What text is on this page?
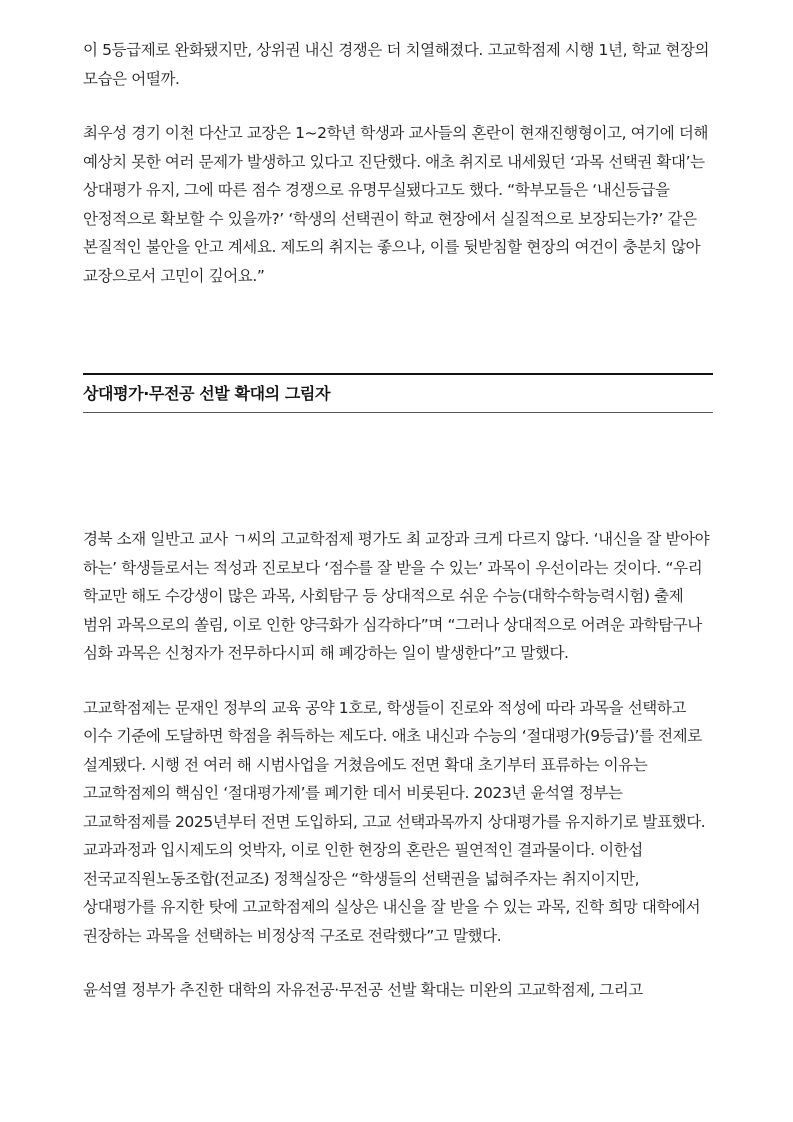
이 5등급제로 완화됐지만, 상위권 내신 경쟁은 더 치열해졌다. 고교학점제 시행 1년, 학교 현장의 모습은 어떨까.

최우성 경기 이천 다산고 교장은 1~2학년 학생과 교사들의 혼란이 현재진행형이고, 여기에 더해 예상치 못한 여러 문제가 발생하고 있다고 진단했다. 애초 취지로 내세웠던 ‘과목 선택권 확대’는 상대평가 유지, 그에 따른 점수 경쟁으로 유명무실됐다고도 했다. “학부모들은 ‘내신등급을 안정적으로 확보할 수 있을까?’ ‘학생의 선택권이 학교 현장에서 실질적으로 보장되는가?’ 같은 본질적인 불안을 안고 계세요. 제도의 취지는 좋으나, 이를 뒷받침할 현장의 여건이 충분치 않아 교장으로서 고민이 깊어요.”

상대평가·무전공 선발 확대의 그림자

경북 소재 일반고 교사 ㄱ씨의 고교학점제 평가도 최 교장과 크게 다르지 않다. ‘내신을 잘 받아야 하는’ 학생들로서는 적성과 진로보다 ‘점수를 잘 받을 수 있는’ 과목이 우선이라는 것이다. “우리 학교만 해도 수강생이 많은 과목, 사회탐구 등 상대적으로 쉬운 수능(대학수학능력시험) 출제 범위 과목으로의 쏠림, 이로 인한 양극화가 심각하다”며 “그러나 상대적으로 어려운 과학탐구나 심화 과목은 신청자가 전무하다시피 해 폐강하는 일이 발생한다”고 말했다.

고교학점제는 문재인 정부의 교육 공약 1호로, 학생들이 진로와 적성에 따라 과목을 선택하고 이수 기준에 도달하면 학점을 취득하는 제도다. 애초 내신과 수능의 ‘절대평가(9등급)’를 전제로 설계됐다. 시행 전 여러 해 시범사업을 거쳤음에도 전면 확대 초기부터 표류하는 이유는 고교학점제의 핵심인 ‘절대평가제’를 폐기한 데서 비롯된다. 2023년 윤석열 정부는 고교학점제를 2025년부터 전면 도입하되, 고교 선택과목까지 상대평가를 유지하기로 발표했다. 교과과정과 입시제도의 엇박자, 이로 인한 현장의 혼란은 필연적인 결과물이다. 이한섭 전국교직원노동조합(전교조) 정책실장은 “학생들의 선택권을 넓혀주자는 취지이지만, 상대평가를 유지한 탓에 고교학점제의 실상은 내신을 잘 받을 수 있는 과목, 진학 희망 대학에서 권장하는 과목을 선택하는 비정상적 구조로 전락했다”고 말했다.

윤석열 정부가 추진한 대학의 자유전공·무전공 선발 확대는 미완의 고교학점제, 그리고
